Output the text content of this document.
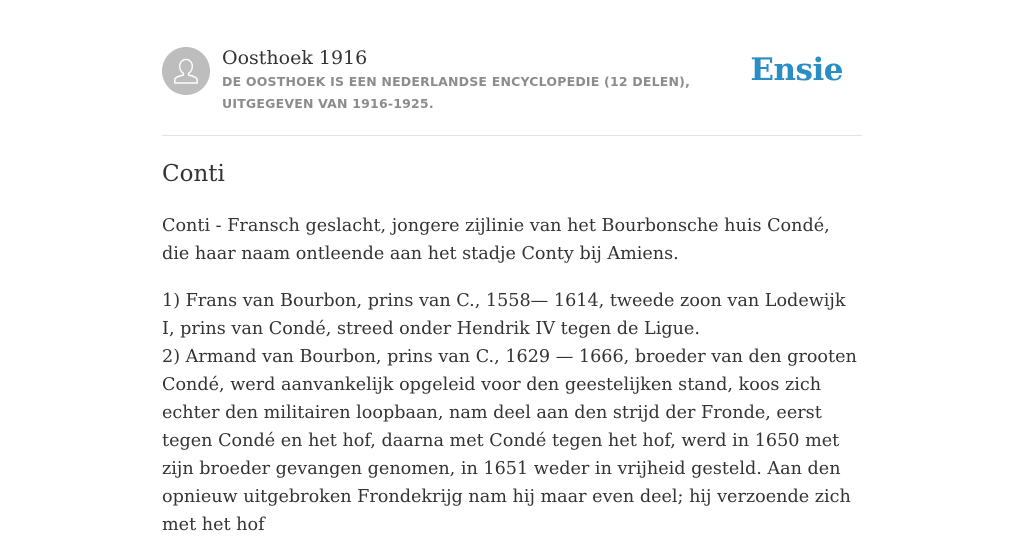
Oosthoek 1916
DE OOSTHOEK IS EEN NEDERLANDSE ENCYCLOPEDIE (12 DELEN), UITGEGEVEN VAN 1916-1925.
Ensie
Conti

Conti - Fransch geslacht, jongere zijlinie van het Bourbonsche huis Condé, die haar naam ontleende aan het stadje Conty bij Amiens.

1) Frans van Bourbon, prins van C., 1558— 1614, tweede zoon van Lodewijk I, prins van Condé, streed onder Hendrik IV tegen de Ligue.

2) Armand van Bourbon, prins van C., 1629 — 1666, broeder van den grooten Condé, werd aanvankelijk opgeleid voor den geestelijken stand, koos zich echter den militairen loopbaan, nam deel aan den strijd der Fronde, eerst tegen Condé en het hof, daarna met Condé tegen het hof, werd in 1650 met zijn broeder gevangen genomen, in 1651 weder in vrijheid gesteld. Aan den opnieuw uitgebroken Frondekrijg nam hij maar even deel; hij verzoende zich met het hof
